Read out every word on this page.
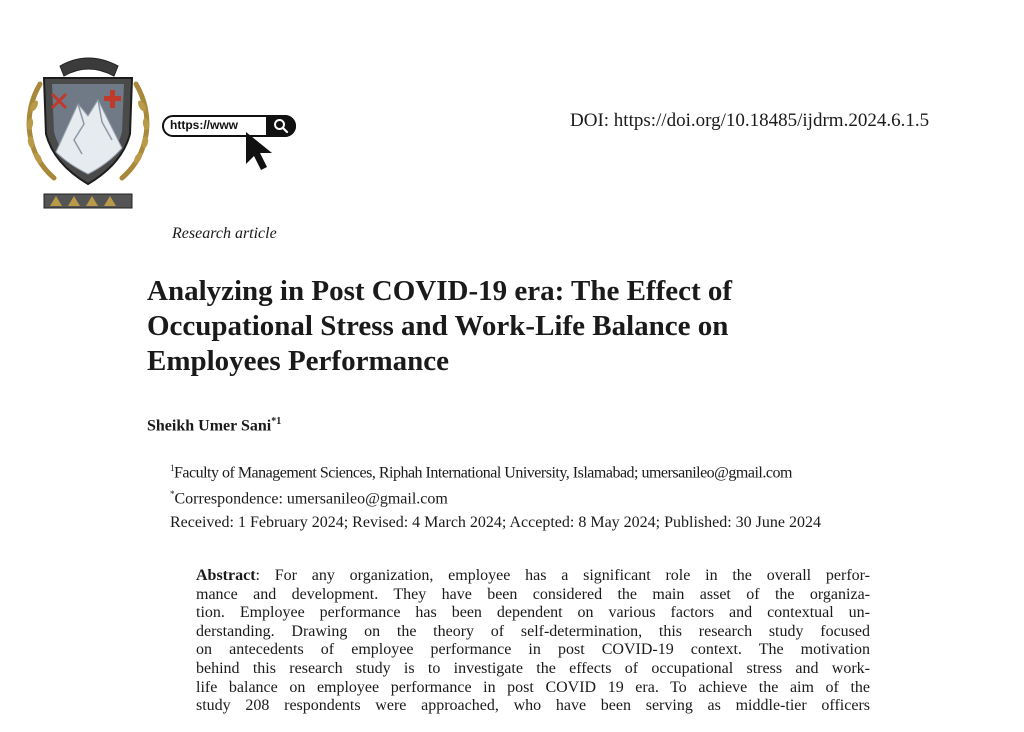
https://www	DOI: https://doi.org/10.18485/ijdrm.2024.6.1.5
Research article
Analyzing in Post COVID-19 era: The Effect of
Occupational Stress and Work-Life Balance on
Employees Performance
Sheikh Umer Sani$^{*1}$
$^1$Faculty of Management Sciences, Riphah International University, Islamabad; umersanileo@gmail.com
*Correspondence: umersanileo@gmail.com
Received: 1 February 2024; Revised: 4 March 2024; Accepted: 8 May 2024; Published: 30 June 2024
Abstract: For any organization, employee has a significant role in the overall perfor-
mance and development. They have been considered the main asset of the organiza-
tion. Employee performance has been dependent on various factors and contextual un-
derstanding. Drawing on the theory of self-determination, this research study focused
on antecedents of employee performance in post COVID-19 context. The motivation
behind this research study is to investigate the effects of occupational stress and work-
life balance on employee performance in post COVID 19 era. To achieve the aim of the
study 208 respondents were approached, who have been serving as middle-tier officers
